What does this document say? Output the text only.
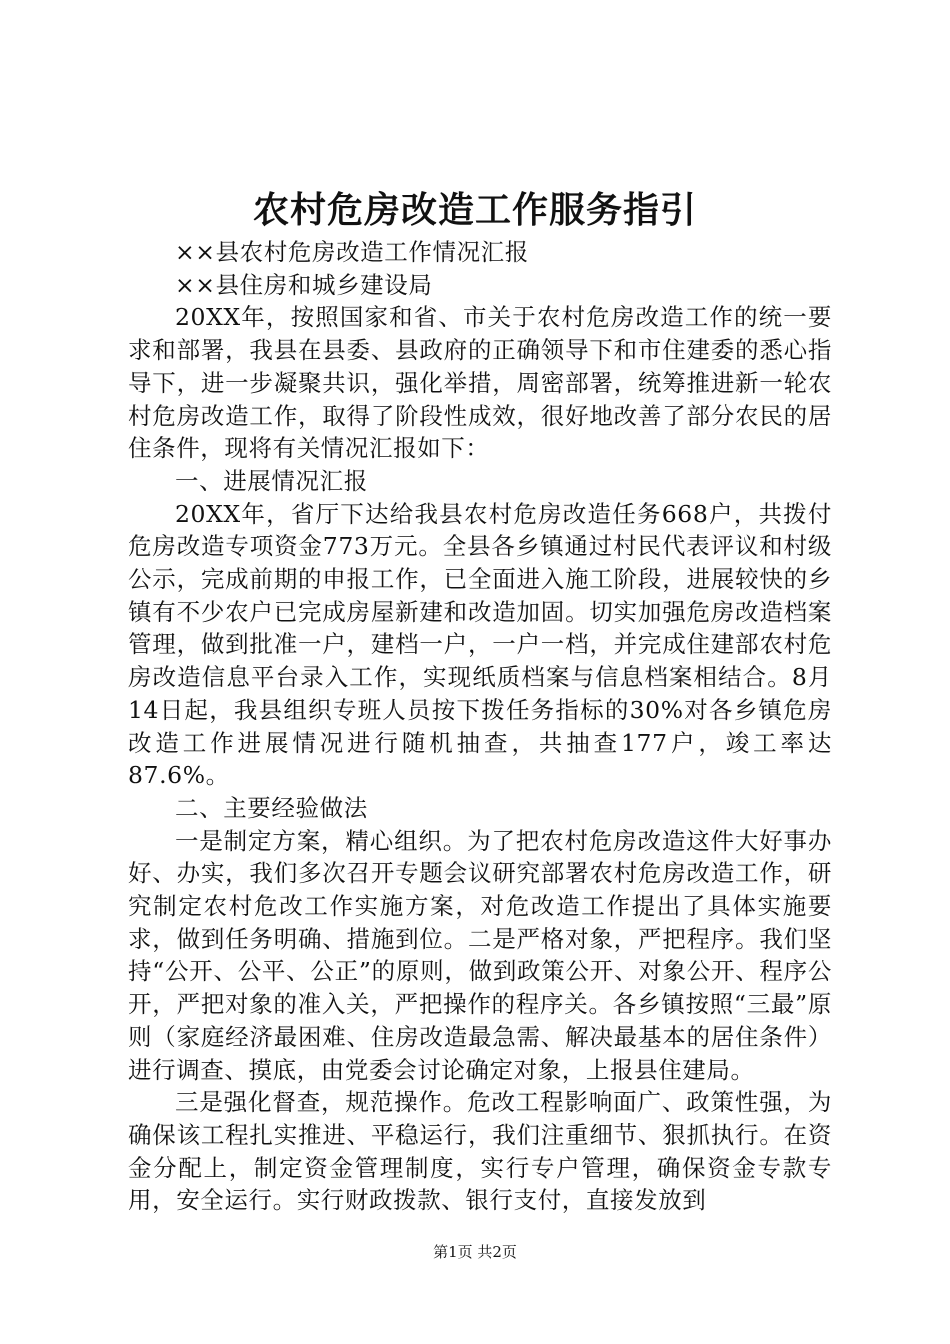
农村危房改造工作服务指引

××县农村危房改造工作情况汇报

××县住房和城乡建设局

20XX年，按照国家和省、市关于农村危房改造工作的统一要求和部署，我县在县委、县政府的正确领导下和市住建委的悉心指导下，进一步凝聚共识，强化举措，周密部署，统筹推进新一轮农村危房改造工作，取得了阶段性成效，很好地改善了部分农民的居住条件，现将有关情况汇报如下：

一、进展情况汇报

20XX年，省厅下达给我县农村危房改造任务668户，共拨付危房改造专项资金773万元。全县各乡镇通过村民代表评议和村级公示，完成前期的申报工作，已全面进入施工阶段，进展较快的乡镇有不少农户已完成房屋新建和改造加固。切实加强危房改造档案管理，做到批准一户，建档一户，一户一档，并完成住建部农村危房改造信息平台录入工作，实现纸质档案与信息档案相结合。8月14日起，我县组织专班人员按下拨任务指标的30%对各乡镇危房改造工作进展情况进行随机抽查，共抽查177户，竣工率达87.6%。

二、主要经验做法

一是制定方案，精心组织。为了把农村危房改造这件大好事办好、办实，我们多次召开专题会议研究部署农村危房改造工作，研究制定农村危改工作实施方案，对危改造工作提出了具体实施要求，做到任务明确、措施到位。二是严格对象，严把程序。我们坚持“公开、公平、公正”的原则，做到政策公开、对象公开、程序公开，严把对象的准入关，严把操作的程序关。各乡镇按照“三最”原则（家庭经济最困难、住房改造最急需、解决最基本的居住条件）进行调查、摸底，由党委会讨论确定对象，上报县住建局。

三是强化督查，规范操作。危改工程影响面广、政策性强，为确保该工程扎实推进、平稳运行，我们注重细节、狠抓执行。在资金分配上，制定资金管理制度，实行专户管理，确保资金专款专用，安全运行。实行财政拨款、银行支付，直接发放到

第1页 共2页
